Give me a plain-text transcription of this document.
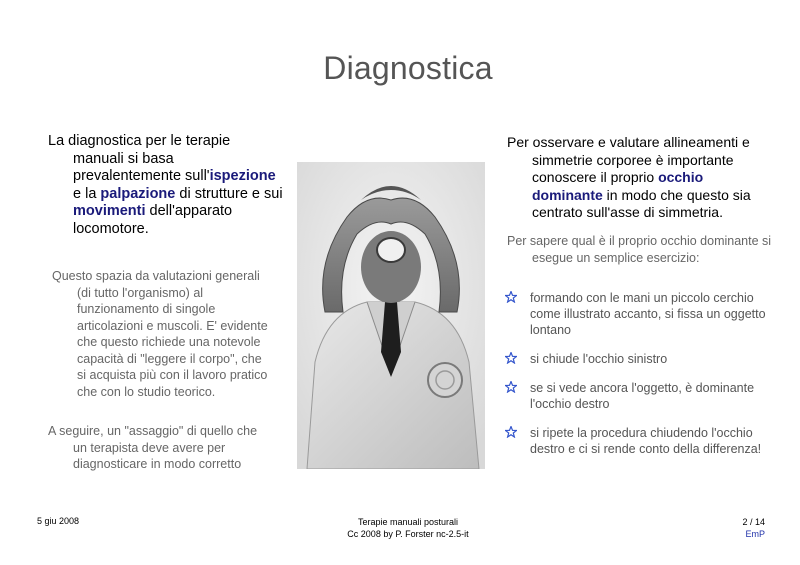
Diagnostica

La diagnostica per le terapie manuali si basa prevalentemente sull'ispezione e la palpazione di strutture e sui movimenti dell'apparato locomotore.

Questo spazia da valutazioni generali (di tutto l'organismo) al funzionamento di singole articolazioni e muscoli. E' evidente che questo richiede una notevole capacità di "leggere il corpo", che si acquista più con il lavoro pratico che con lo studio teorico.

A seguire, un "assaggio" di quello che un terapista deve avere per diagnosticare in modo corretto

Per osservare e valutare allineamenti e simmetrie corporee è importante conoscere il proprio occhio dominante in modo che questo sia centrato sull'asse di simmetria.

Per sapere qual è il proprio occhio dominante si esegue un semplice esercizio:

formando con le mani un piccolo cerchio come illustrato accanto, si fissa un oggetto lontano
si chiude l'occhio sinistro
se si vede ancora l'oggetto, è dominante l'occhio destro
si ripete la procedura chiudendo l'occhio destro e ci si rende conto della differenza!
5 giu 2008	Terapie manuali posturali
Cc 2008 by P. Forster nc-2.5-it
2 / 14
EmP
